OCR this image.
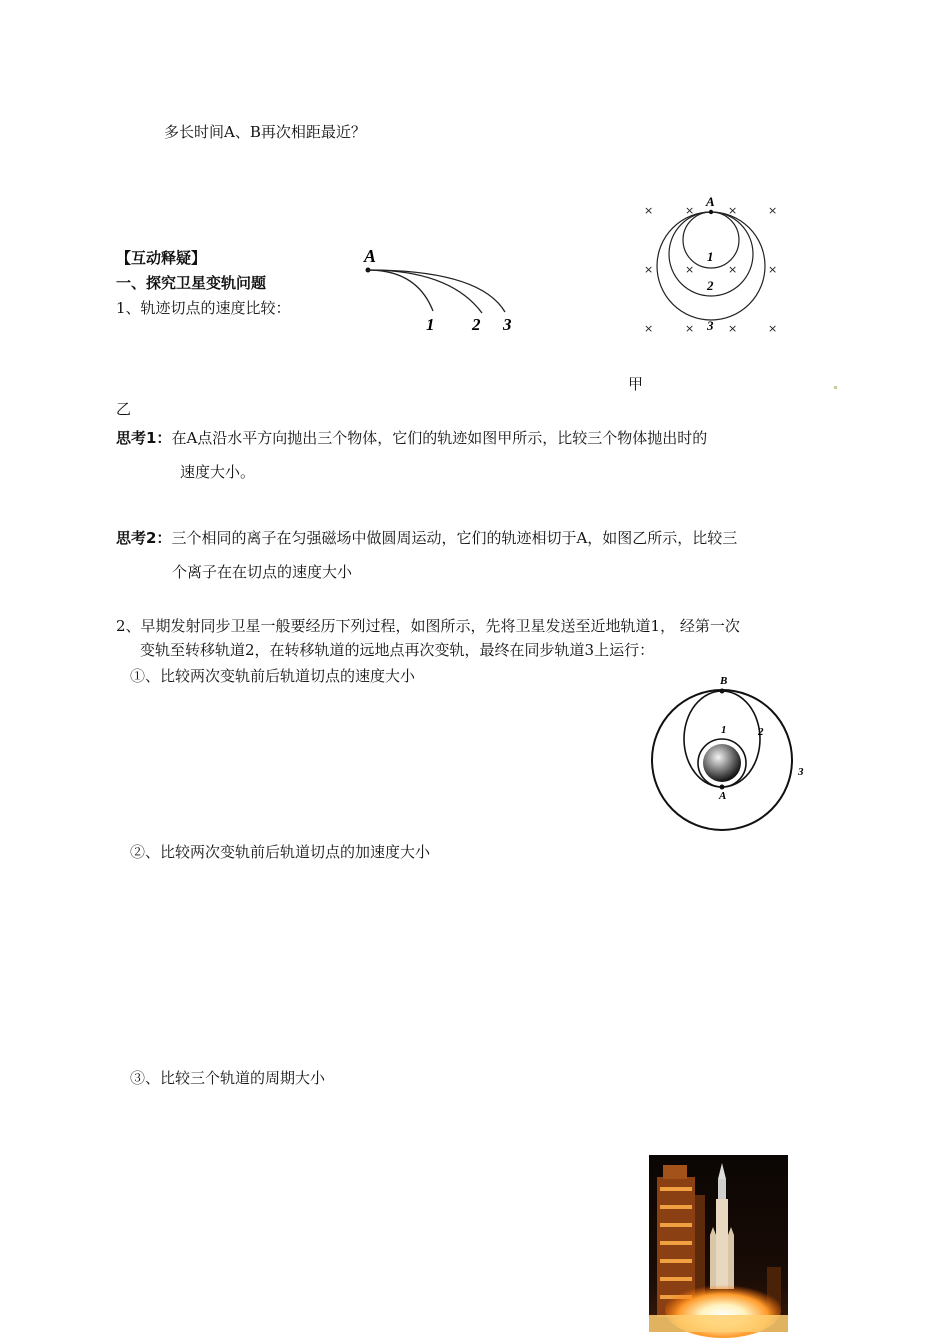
多长时间A、B再次相距最近？
【互动释疑】
一、探究卫星变轨问题
1、轨迹切点的速度比较：
甲
乙
思考1：在A点沿水平方向抛出三个物体，它们的轨迹如图甲所示，比较三个物体抛出时的
速度大小。
思考2：三个相同的离子在匀强磁场中做圆周运动，它们的轨迹相切于A，如图乙所示，比较三
个离子在在切点的速度大小
2、早期发射同步卫星一般要经历下列过程，如图所示，先将卫星发送至近地轨道1， 经第一次
变轨至转移轨道2，在转移轨道的远地点再次变轨，最终在同步轨道3上运行：
①、比较两次变轨前后轨道切点的速度大小
②、比较两次变轨前后轨道切点的加速度大小
③、比较三个轨道的周期大小
A
1 2 3
×	×	×	×
×	×	×	×
×	×	×	×
A
1
2
3
B
A
1	2
3
